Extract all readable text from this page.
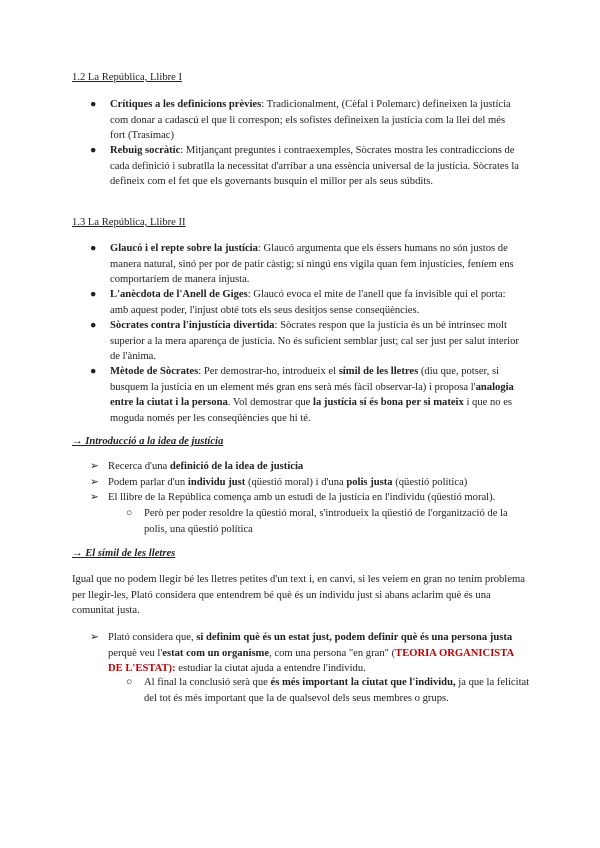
1.2 La República, Llibre I
● Crítiques a les definicions prèvies: Tradicionalment, (Cèfal i Polemarc) defineixen la justícia com donar a cadascú el que li correspon; els sofistes defineixen la justícia com la llei del més fort (Trasímac)
● Rebuig socràtic: Mitjançant preguntes i contraexemples, Sòcrates mostra les contradiccions de cada definició i subratlla la necessitat d'arribar a una essència universal de la justícia. Sòcrates la defineix com el fet que els governants busquin el millor per als seus súbdits.
1.3 La República, Llibre II
● Glaucó i el repte sobre la justícia: Glaucó argumenta que els éssers humans no són justos de manera natural, sinó per por de patir càstig; si ningú ens vigila quan fem injustícies, feníem ens comportaríem de manera injusta.
● L'anècdota de l'Anell de Giges: Glaucó evoca el mite de l'anell que fa invisible qui el porta: amb aquest poder, l'injust obté tots els seus desitjos sense conseqüències.
● Sòcrates contra l'injustícia divertida: Sòcrates respon que la justícia és un bé intrínsec molt superior a la mera aparença de justícia. No és suficient semblar just; cal ser just per salut interior de l'ànima.
● Mètode de Sòcrates: Per demostrar-ho, introdueix el símil de les lletres (diu que, potser, si busquem la justícia en un element més gran ens serà més fàcil observar-la) i proposa l'analogia entre la ciutat i la persona. Vol demostrar que la justícia sí és bona per si mateix i que no es moguda només per les conseqüències que hi té.
→ Introducció a la idea de justícia
➢ Recerca d'una definició de la idea de justícia
➢ Podem parlar d'un individu just (qüestió moral) i d'una polis justa (qüestió política)
➢ El llibre de la República comença amb un estudi de la justícia en l'individu (qüestió moral).
○ Però per poder resoldre la qüestió moral, s'introdueix la qüestió de l'organització de la polis, una qüestió política
→ El símil de les lletres
Igual que no podem llegir bé les lletres petites d'un text i, en canvi, si les veiem en gran no tenim problema per llegir-les, Plató considera que entendrem bé què és un individu just si abans aclarim què és una comunitat justa.
➢ Plató considera que, si definim què és un estat just, podem definir què és una persona justa perquè veu l'estat com un organisme, com una persona "en gran" (TEORIA ORGANICISTA DE L'ESTAT): estudiar la ciutat ajuda a entendre l'individu.
○ Al final la conclusió serà que és més important la ciutat que l'individu, ja que la felicitat del tot és més important que la de qualsevol dels seus membres o grups.
